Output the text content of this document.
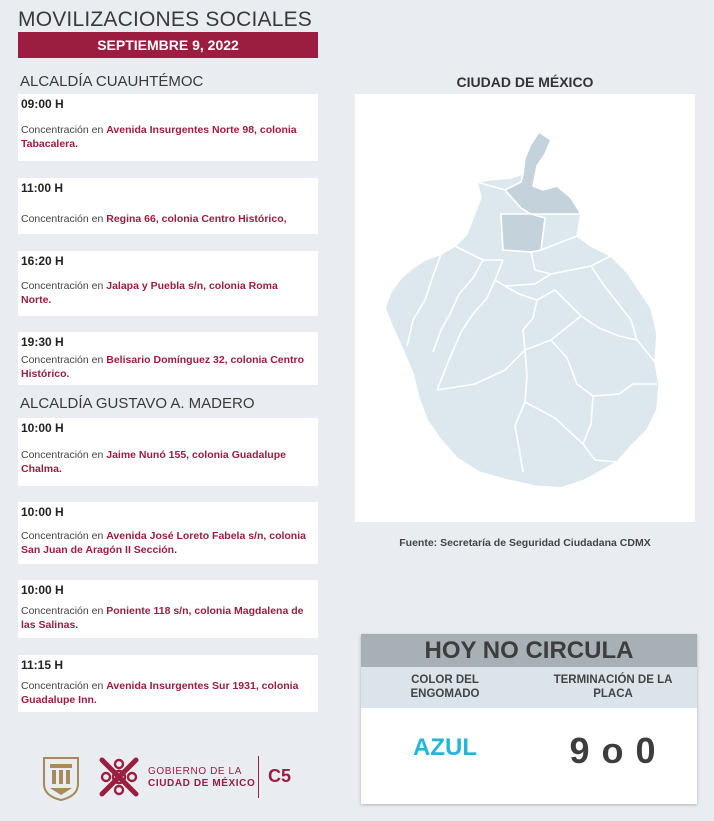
MOVILIZACIONES SOCIALES
SEPTIEMBRE 9, 2022
ALCALDÍA CUAUHTÉMOC
09:00 H
Concentración en Avenida Insurgentes Norte 98, colonia Tabacalera.
11:00 H
Concentración en Regina 66, colonia Centro Histórico,
16:20 H
Concentración en Jalapa y Puebla s/n, colonia Roma Norte.
19:30 H
Concentración en Belisario Domínguez 32, colonia Centro Histórico.
ALCALDÍA GUSTAVO A. MADERO
10:00 H
Concentración en Jaime Nunó 155, colonia Guadalupe Chalma.
10:00 H
Concentración en Avenida José Loreto Fabela s/n, colonia San Juan de Aragón II Sección.
10:00 H
Concentración en Poniente 118 s/n, colonia Magdalena de las Salinas.
11:15 H
Concentración en Avenida Insurgentes Sur 1931, colonia Guadalupe Inn.
CIUDAD DE MÉXICO
Fuente: Secretaría de Seguridad Ciudadana CDMX
HOY NO CIRCULA
COLOR DEL ENGOMADO
TERMINACIÓN DE LA PLACA
AZUL	9 o 0
GOBIERNO DE LA
CIUDAD DE MÉXICO C5
